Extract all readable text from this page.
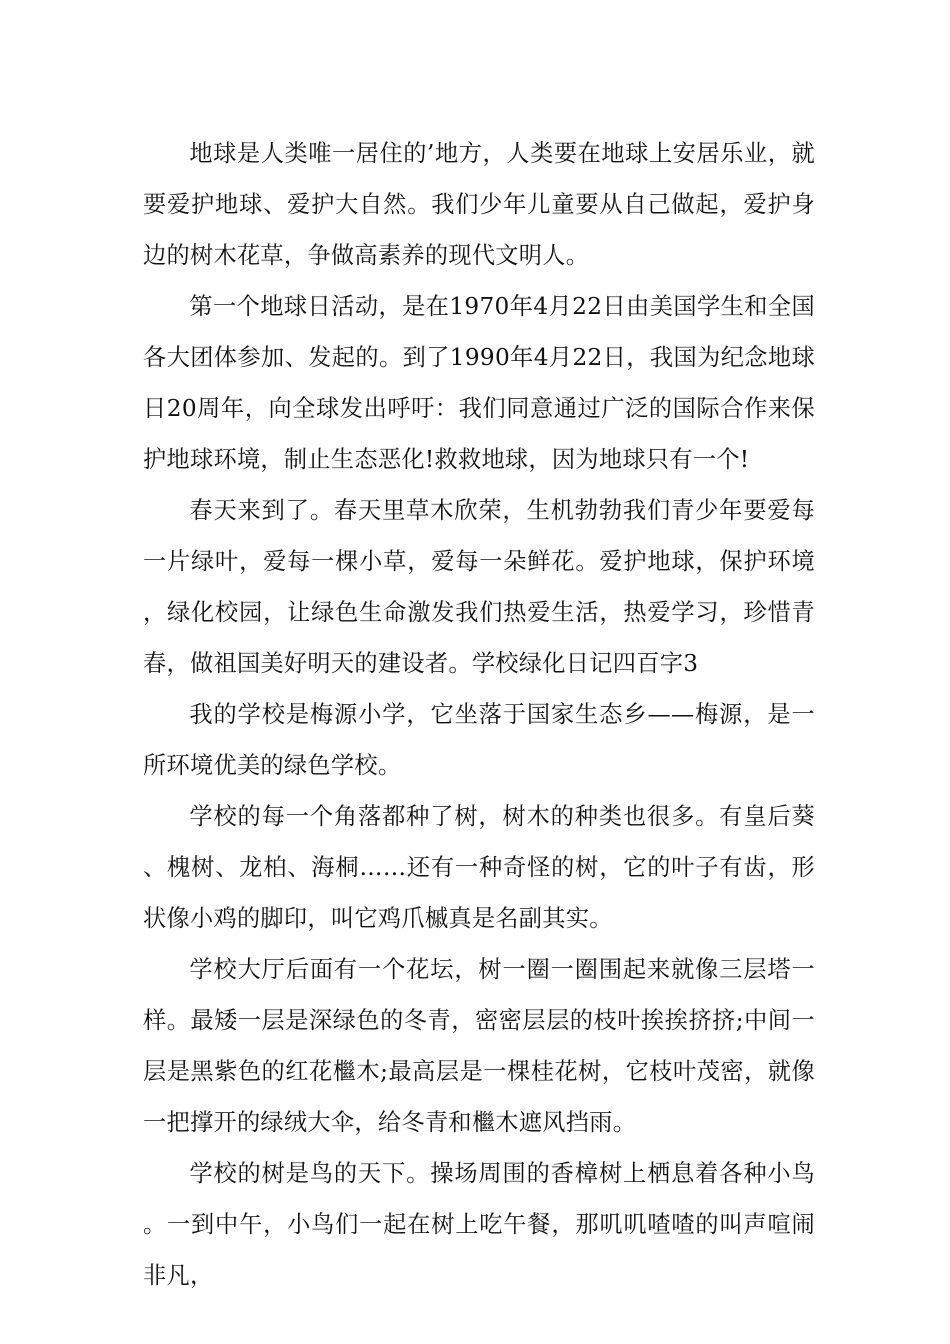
地球是人类唯一居住的’地方，人类要在地球上安居乐业，就要爱护地球、爱护大自然。我们少年儿童要从自己做起，爱护身边的树木花草，争做高素养的现代文明人。

第一个地球日活动，是在1970年4月22日由美国学生和全国各大团体参加、发起的。到了1990年4月22日，我国为纪念地球日20周年，向全球发出呼吁：我们同意通过广泛的国际合作来保护地球环境，制止生态恶化!救救地球，因为地球只有一个!

春天来到了。春天里草木欣荣，生机勃勃我们青少年要爱每一片绿叶，爱每一棵小草，爱每一朵鲜花。爱护地球，保护环境，绿化校园，让绿色生命激发我们热爱生活，热爱学习，珍惜青春，做祖国美好明天的建设者。学校绿化日记四百字3

我的学校是梅源小学，它坐落于国家生态乡——梅源，是一所环境优美的绿色学校。

学校的每一个角落都种了树，树木的种类也很多。有皇后葵、槐树、龙柏、海桐……还有一种奇怪的树，它的叶子有齿，形状像小鸡的脚印，叫它鸡爪槭真是名副其实。

学校大厅后面有一个花坛，树一圈一圈围起来就像三层塔一样。最矮一层是深绿色的冬青，密密层层的枝叶挨挨挤挤;中间一层是黑紫色的红花檵木;最高层是一棵桂花树，它枝叶茂密，就像一把撑开的绿绒大伞，给冬青和檵木遮风挡雨。

学校的树是鸟的天下。操场周围的香樟树上栖息着各种小鸟。一到中午，小鸟们一起在树上吃午餐，那叽叽喳喳的叫声喧闹非凡，
